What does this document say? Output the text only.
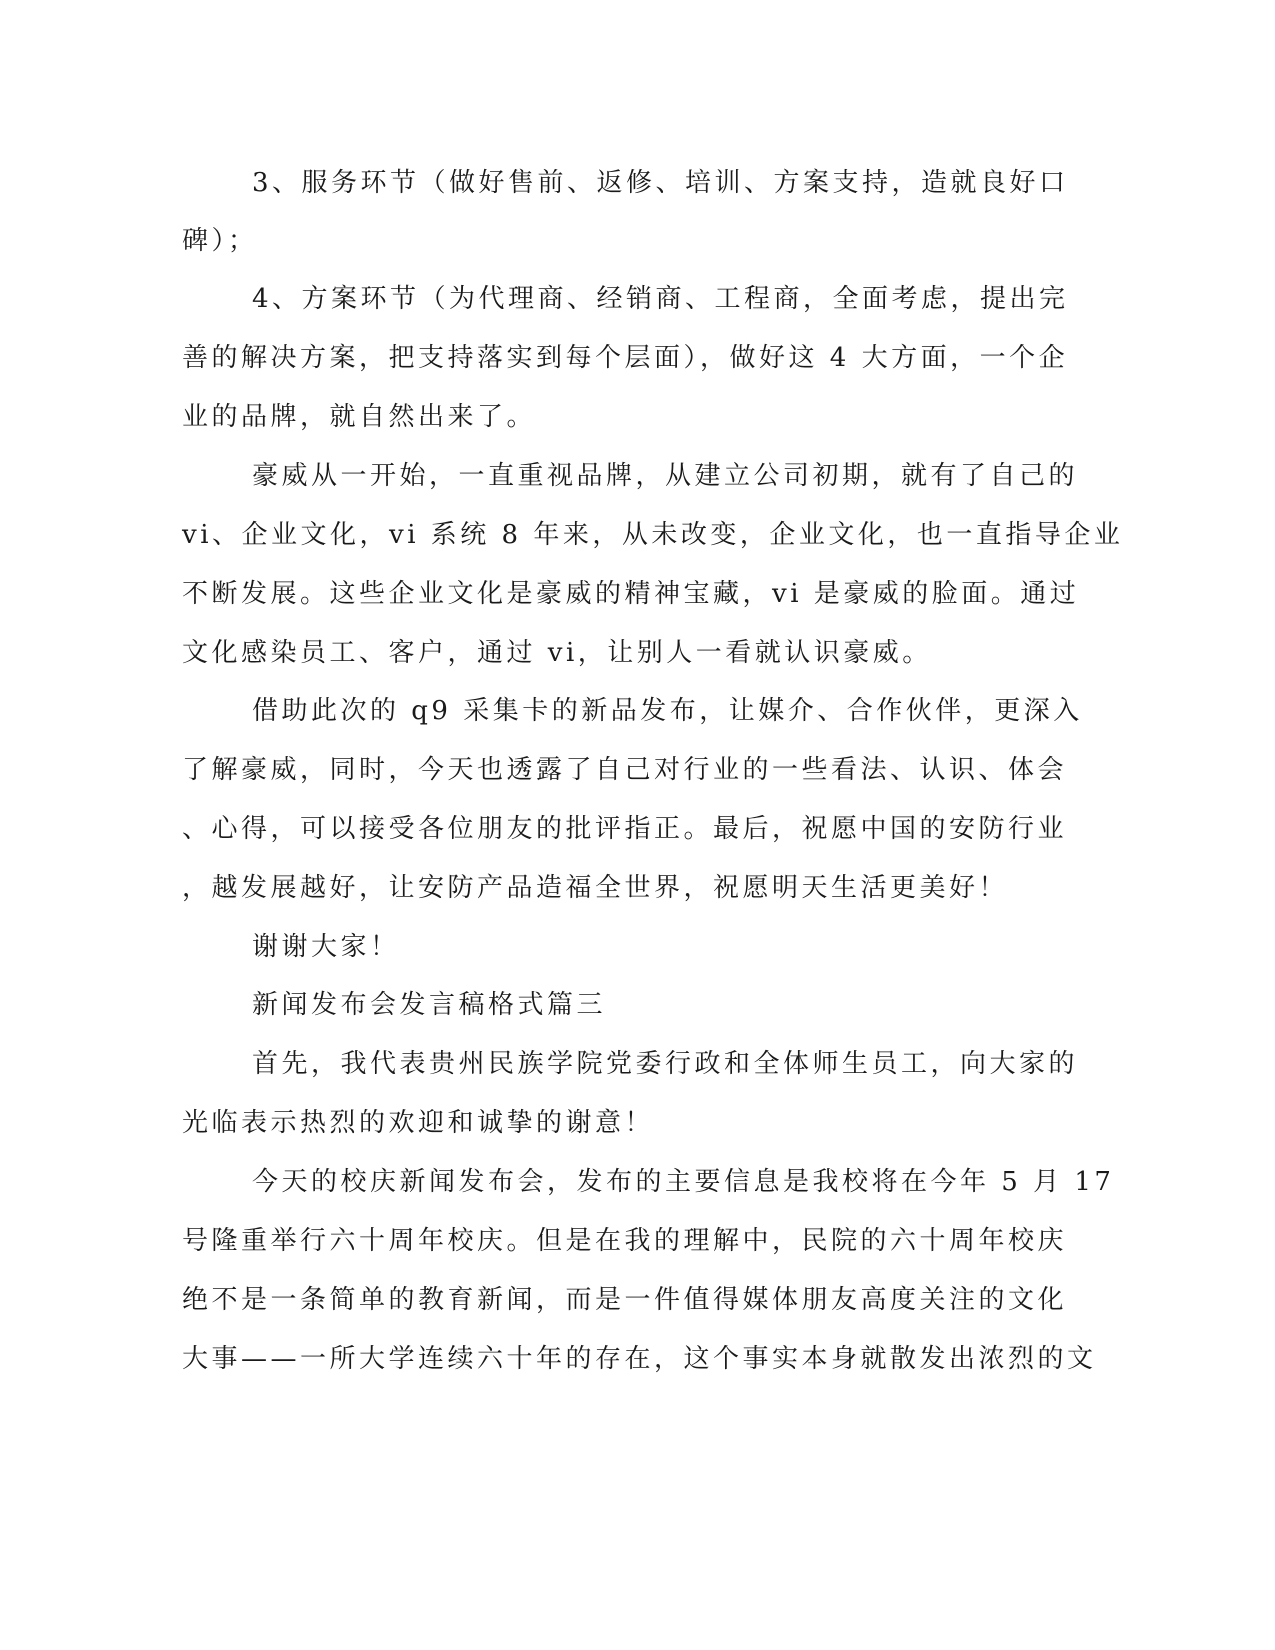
3、服务环节（做好售前、返修、培训、方案支持，造就良好口
碑）；
4、方案环节（为代理商、经销商、工程商，全面考虑，提出完
善的解决方案，把支持落实到每个层面），做好这 4 大方面，一个企
业的品牌，就自然出来了。
豪威从一开始，一直重视品牌，从建立公司初期，就有了自己的
vi、企业文化，vi 系统 8 年来，从未改变，企业文化，也一直指导企业
不断发展。这些企业文化是豪威的精神宝藏，vi 是豪威的脸面。通过
文化感染员工、客户，通过 vi，让别人一看就认识豪威。
借助此次的 q9 采集卡的新品发布，让媒介、合作伙伴，更深入
了解豪威，同时，今天也透露了自己对行业的一些看法、认识、体会
、心得，可以接受各位朋友的批评指正。最后，祝愿中国的安防行业
，越发展越好，让安防产品造福全世界，祝愿明天生活更美好！
谢谢大家！
新闻发布会发言稿格式篇三
首先，我代表贵州民族学院党委行政和全体师生员工，向大家的
光临表示热烈的欢迎和诚挚的谢意！
今天的校庆新闻发布会，发布的主要信息是我校将在今年 5 月 17
号隆重举行六十周年校庆。但是在我的理解中，民院的六十周年校庆
绝不是一条简单的教育新闻，而是一件值得媒体朋友高度关注的文化
大事——一所大学连续六十年的存在，这个事实本身就散发出浓烈的文
